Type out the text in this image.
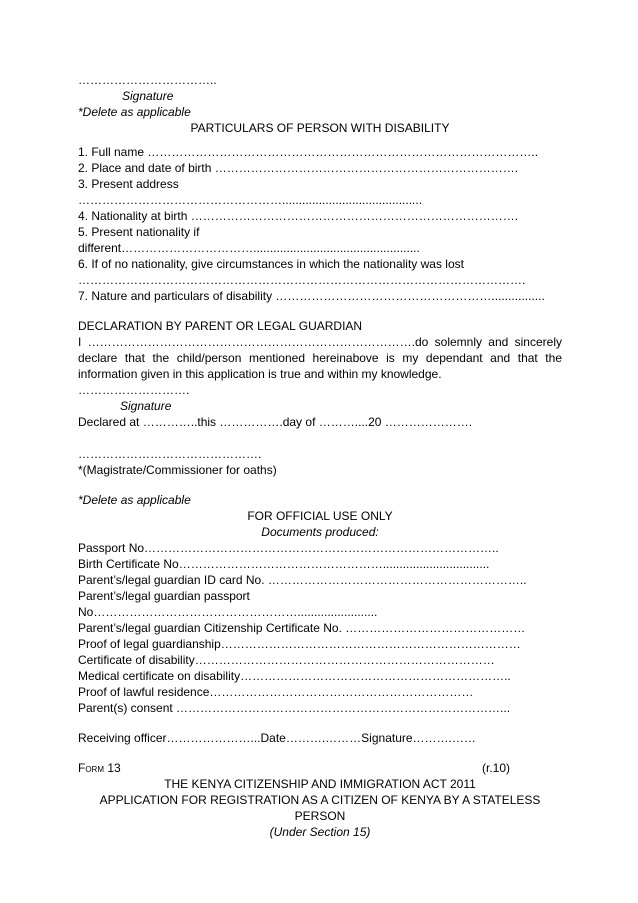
……………………………..
Signature
*Delete as applicable
PARTICULARS OF PERSON WITH DISABILITY
1. Full name ……………………………………………………………………………………..
2. Place and date of birth ………………………………………………………………….
3. Present address
……………………………………………..........................................
4. Nationality at birth ……………………………………………………………………….
5. Present nationality if
different……………………………..................................................
6. If of no nationality, give circumstances in which the nationality was lost
………………………………………………………………………………………………….
7. Nature and particulars of disability ………………………………………………................
DECLARATION BY PARENT OR LEGAL GUARDIAN
I ……………………………………………………………………….do solemnly and sincerely declare that the child/person mentioned hereinabove is my dependant and that the information given in this application is true and within my knowledge.
……………………….
Signature
Declared at …………..this …………….day of ………....20 ………………….
……………………………………….
*(Magistrate/Commissioner for oaths)
*Delete as applicable
FOR OFFICIAL USE ONLY
Documents produced:
Passport No……………………………………………………………………………..
Birth Certificate No……………………………………………................................
Parent’s/legal guardian ID card No. ………………………………………………………..
Parent’s/legal guardian passport
No……………………………………………........................
Parent’s/legal guardian Citizenship Certificate No. ………………………………………
Proof of legal guardianship…………………………………………………………………
Certificate of disability…………………………………………………………………
Medical certificate on disability…………………………………………………………..
Proof of lawful residence…………………………………………………………
Parent(s) consent ………………………………………………………………………...
Receiving officer…………………...Date……….………Signature……….……
Form 13	(r.10)
THE KENYA CITIZENSHIP AND IMMIGRATION ACT 2011
APPLICATION FOR REGISTRATION AS A CITIZEN OF KENYA BY A STATELESS
PERSON
(Under Section 15)
